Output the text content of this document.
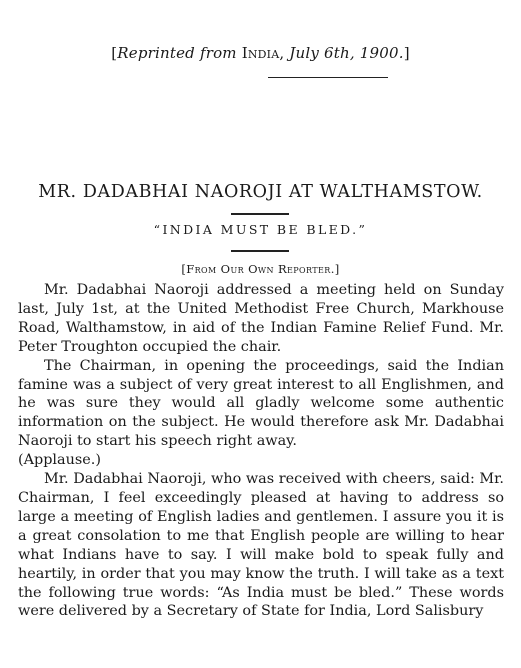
[Reprinted from India, July 6th, 1900.]
MR. DADABHAI NAOROJI AT WALTHAMSTOW.
“INDIA MUST BE BLED.”
[From Our Own Reporter.]

Mr. Dadabhai Naoroji addressed a meeting held on Sunday last, July 1st, at the United Methodist Free Church, Markhouse Road, Walthamstow, in aid of the Indian Famine Relief Fund. Mr. Peter Troughton occupied the chair.

The Chairman, in opening the proceedings, said the Indian famine was a subject of very great interest to all Englishmen, and he was sure they would all gladly welcome some authentic information on the subject. He would therefore ask Mr. Dadabhai Naoroji to start his speech right away.

(Applause.)

Mr. Dadabhai Naoroji, who was received with cheers, said: Mr. Chairman, I feel exceedingly pleased at having to address so large a meeting of English ladies and gentlemen. I assure you it is a great consolation to me that English people are willing to hear what Indians have to say. I will make bold to speak fully and heartily, in order that you may know the truth. I will take as a text the following true words: “As India must be bled.” These words were delivered by a Secretary of State for India, Lord Salisbury
